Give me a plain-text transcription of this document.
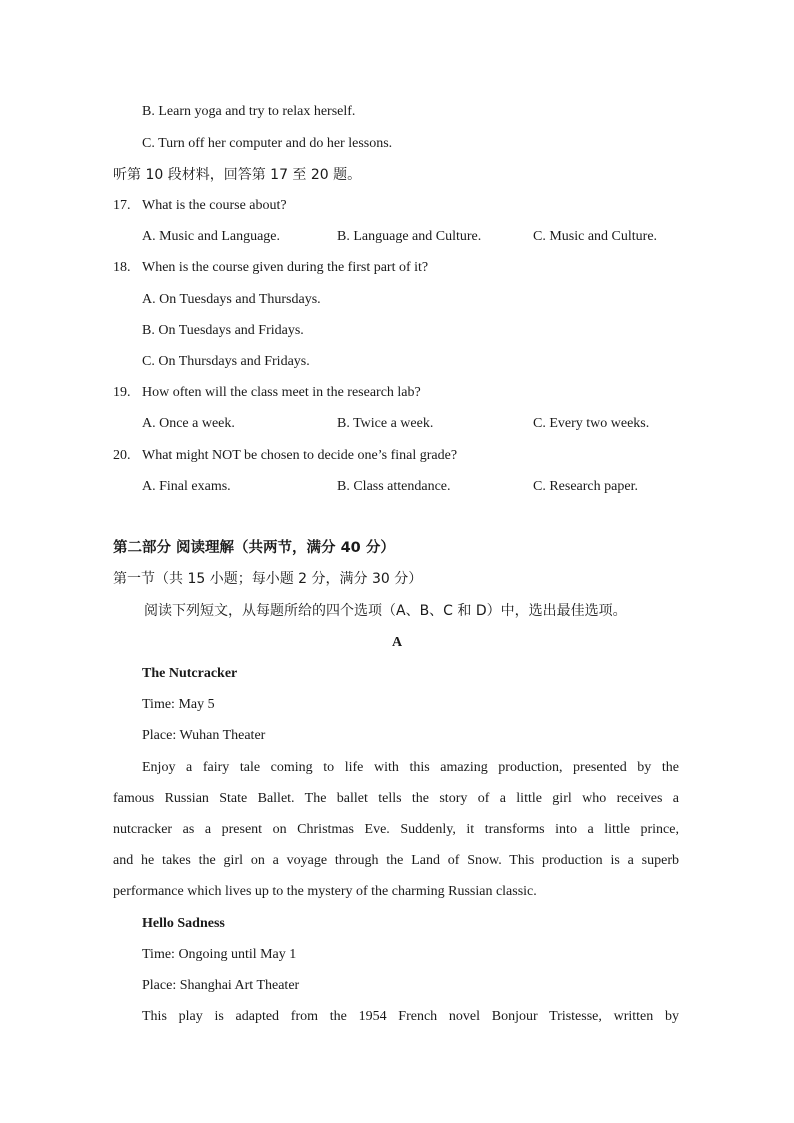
B. Learn yoga and try to relax herself.
C. Turn off her computer and do her lessons.
听第 10 段材料，回答第 17 至 20 题。
17. What is the course about?
A. Music and Language.	B. Language and Culture.	C. Music and Culture.
18. When is the course given during the first part of it?
A. On Tuesdays and Thursdays.
B. On Tuesdays and Fridays.
C. On Thursdays and Fridays.
19. How often will the class meet in the research lab?
A. Once a week.	B. Twice a week.	C. Every two weeks.
20. What might NOT be chosen to decide one’s final grade?
A. Final exams.	B. Class attendance.	C. Research paper.
第二部分 阅读理解（共两节，满分 40 分）
第一节（共 15 小题；每小题 2 分，满分 30 分）
阅读下列短文，从每题所给的四个选项（A、B、C 和 D）中，选出最佳选项。
A
The Nutcracker
Time: May 5
Place: Wuhan Theater
Enjoy a fairy tale coming to life with this amazing production, presented by the
famous Russian State Ballet. The ballet tells the story of a little girl who receives a
nutcracker as a present on Christmas Eve. Suddenly, it transforms into a little prince,
and he takes the girl on a voyage through the Land of Snow. This production is a superb
performance which lives up to the mystery of the charming Russian classic.
Hello Sadness
Time: Ongoing until May 1
Place: Shanghai Art Theater
This play is adapted from the 1954 French novel Bonjour Tristesse, written by
